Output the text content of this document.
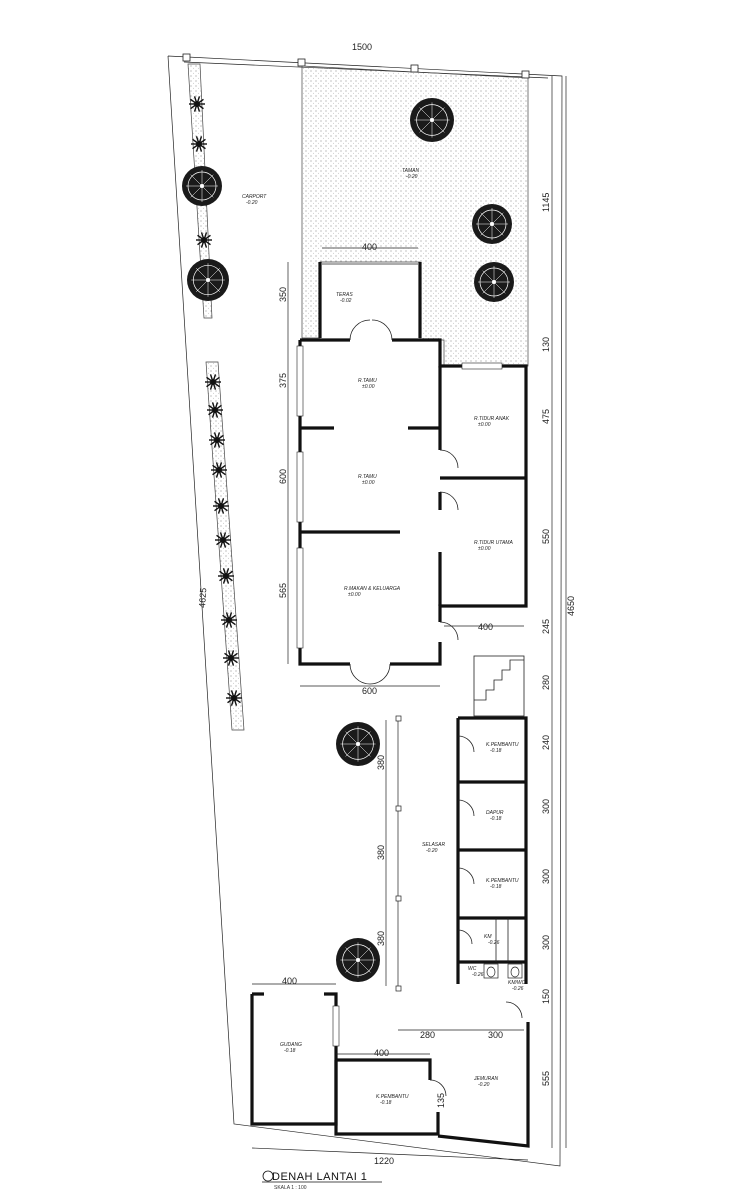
1500
1220
4625	4650
400
600
400
400
400
280	300
135
1145
130
475
550
245
280
240
300
300
300
150
555
350
375
600
565
380
380
380
CARPORT
-0.20
TAMAN
-0.20
TERAS
-0.02
R.TAMU
±0.00
R.TIDUR ANAK
±0.00
R.TAMU
±0.00
R.TIDUR UTAMA
±0.00
R.MAKAN & KELUARGA
±0.00
K.PEMBANTU
-0.18
DAPUR
-0.18
SELASAR
-0.20
K.PEMBANTU
-0.18
KM
-0.26
WC
-0.26
KM/WC
-0.26
GUDANG
-0.18
JEMURAN
-0.20
K.PEMBANTU
-0.18
DENAH LANTAI 1
SKALA 1 : 100
